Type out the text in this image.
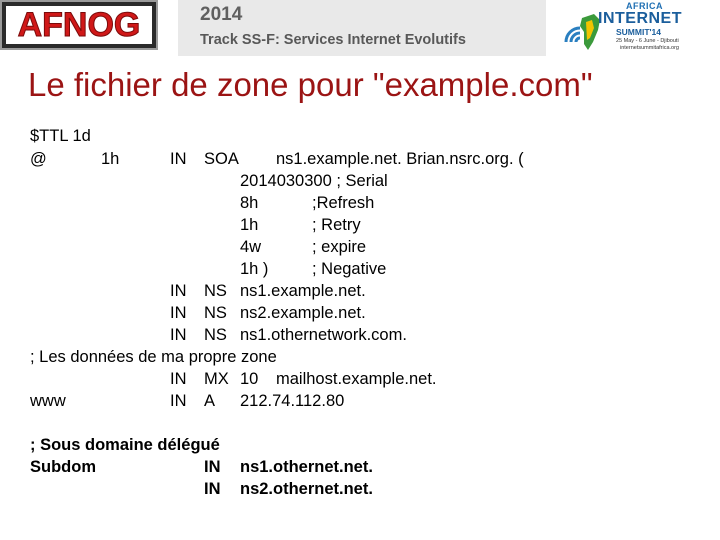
AFNOG	2014
Track SS-F: Services Internet Evolutifs
AFRICA
INTERNET
SUMMIT'14
25 May - 6 June - Djibouti
internetsummitafrica.org
Le fichier de zone pour "example.com"
$TTL 1d
@	1h	IN SOA ns1.example.net. Brian.nsrc.org. (
2014030300 ; Serial
8h	;Refresh
1h	; Retry
4w	; expire
1h )	; Negative
IN NS ns1.example.net.
IN NS ns2.example.net.
IN NS ns1.othernetwork.com.
; Les données de ma propre zone
IN MX 10 mailhost.example.net.
www	IN A 212.74.112.80
; Sous domaine délégué
Subdom	IN ns1.othernet.net.
IN ns2.othernet.net.
